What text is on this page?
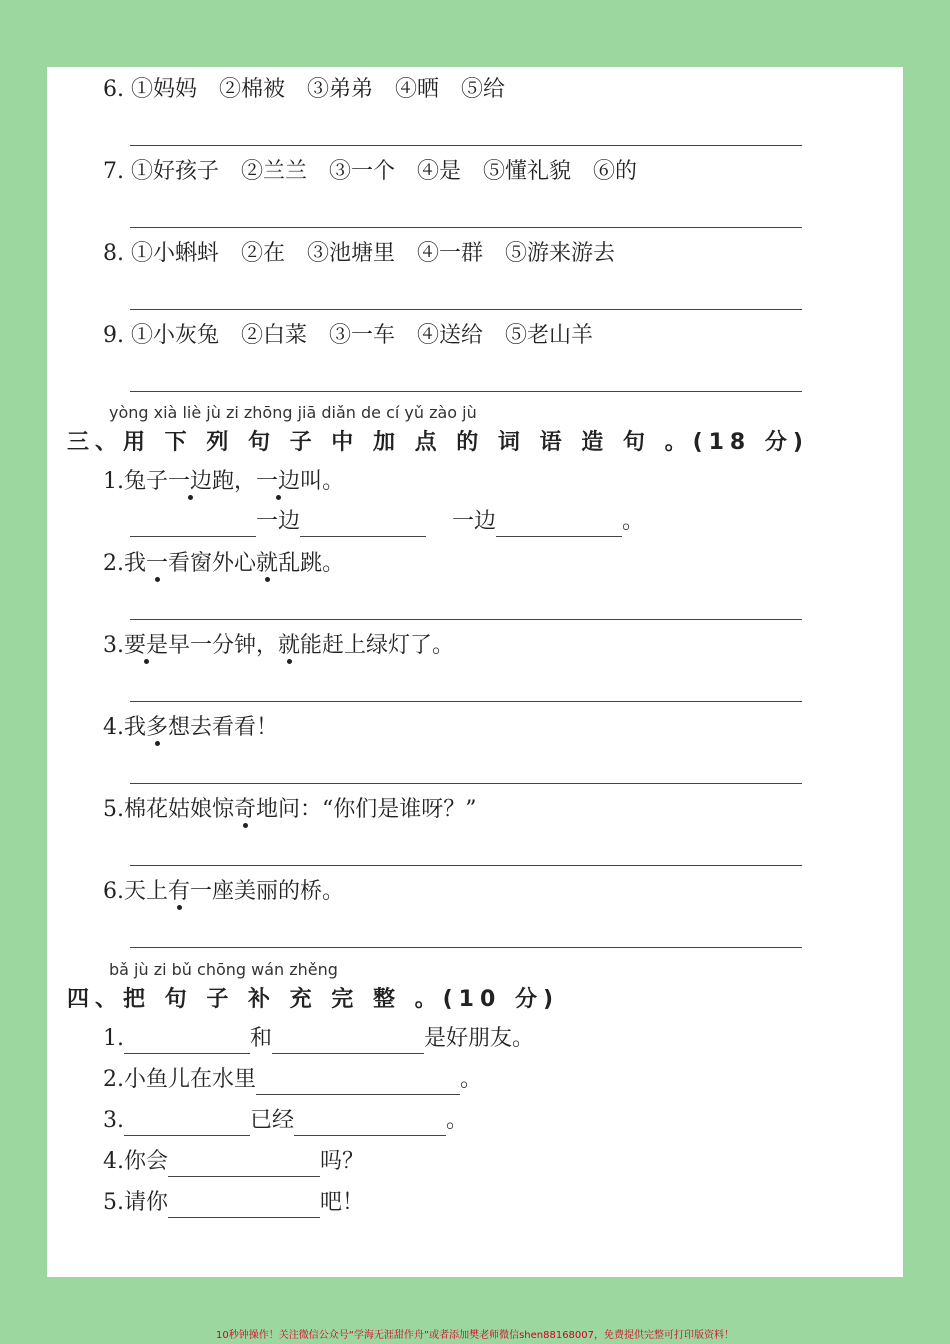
6. ①妈妈　②棉被　③弟弟　④晒　⑤给
7. ①好孩子　②兰兰　③一个　④是　⑤懂礼貌　⑥的
8. ①小蝌蚪　②在　③池塘里　④一群　⑤游来游去
9. ①小灰兔　②白菜　③一车　④送给　⑤老山羊
yòng xià liè jù zi zhōng jiā diǎn de cí yǔ zào jù
三、用 下 列 句 子 中 加 点 的 词 语 造 句 。(18 分)
1.兔子一边跑，一边叫。
一边	一边	。
2.我一看窗外心就乱跳。
3.要是早一分钟，就能赶上绿灯了。
4.我多想去看看！
5.棉花姑娘惊奇地问：“你们是谁呀？”
6.天上有一座美丽的桥。
bǎ jù zi bǔ chōng wán zhěng
四、把 句 子 补 充 完 整 。(10 分)
1.	和	是好朋友。
2.小鱼儿在水里	。
3.	已经	。
4.你会	吗？
5.请你	吧！
10秒钟操作！关注微信公众号“学海无涯甜作舟”或者添加樊老师微信shen88168007，免费提供完整可打印版资料！
